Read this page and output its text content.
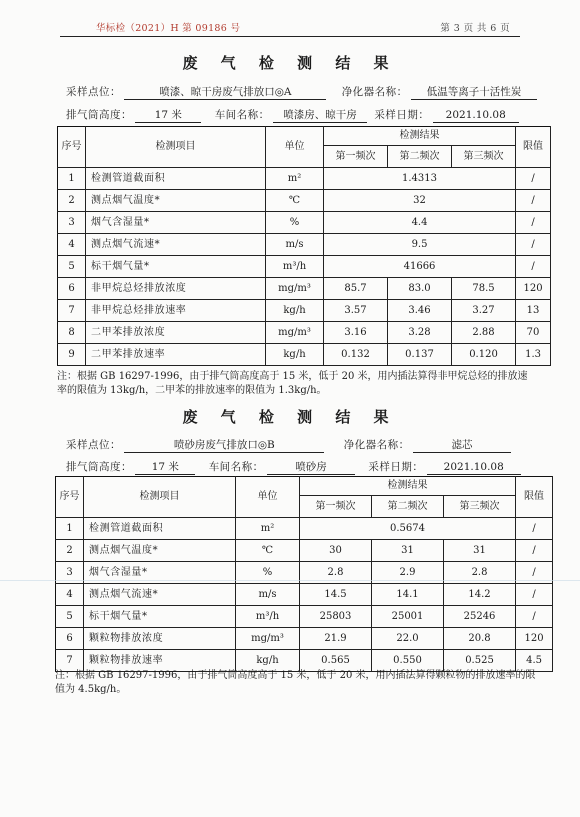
华标检（2021）H 第 09186 号	第 3 页 共 6 页
废 气 检 测 结 果
采样点位：	喷漆、晾干房废气排放口◎A	净化器名称： 低温等离子十活性炭
排气筒高度： 17 米	车间名称： 喷漆房、晾干房 采样日期： 2021.10.08
序号	检测项目	单位	检测结果			限值
			第一频次	第二频次	第三频次	
1	检测管道截面积	m²	1.4313			/
2	测点烟气温度*	℃	32			/
3	烟气含湿量*	%	4.4			/
4	测点烟气流速*	m/s	9.5			/
5	标干烟气量*	m³/h	41666			/
6	非甲烷总烃排放浓度	mg/m³	85.7	83.0	78.5	120
7	非甲烷总烃排放速率	kg/h	3.57	3.46	3.27	13
8	二甲苯排放浓度	mg/m³	3.16	3.28	2.88	70
9	二甲苯排放速率	kg/h	0.132	0.137	0.120	1.3
注：根据 GB 16297-1996，由于排气筒高度高于 15 米，低于 20 米，用内插法算得非甲烷总烃的排放速率的限值为 13kg/h，二甲苯的排放速率的限值为 1.3kg/h。
废 气 检 测 结 果
采样点位：	喷砂房废气排放口◎B	净化器名称：	滤芯
排气筒高度： 17 米	车间名称：	喷砂房	采样日期： 2021.10.08
序号	检测项目	单位	检测结果			限值
			第一频次	第二频次	第三频次	
1	检测管道截面积	m²	0.5674			/
2	测点烟气温度*	℃	30	31	31	/
3	烟气含湿量*	%	2.8	2.9	2.8	/
4	测点烟气流速*	m/s	14.5	14.1	14.2	/
5	标干烟气量*	m³/h	25803	25001	25246	/
6	颗粒物排放浓度	mg/m³	21.9	22.0	20.8	120
7	颗粒物排放速率	kg/h	0.565	0.550	0.525	4.5
注：根据 GB 16297-1996，由于排气筒高度高于 15 米，低于 20 米，用内插法算得颗粒物的排放速率的限值为 4.5kg/h。
